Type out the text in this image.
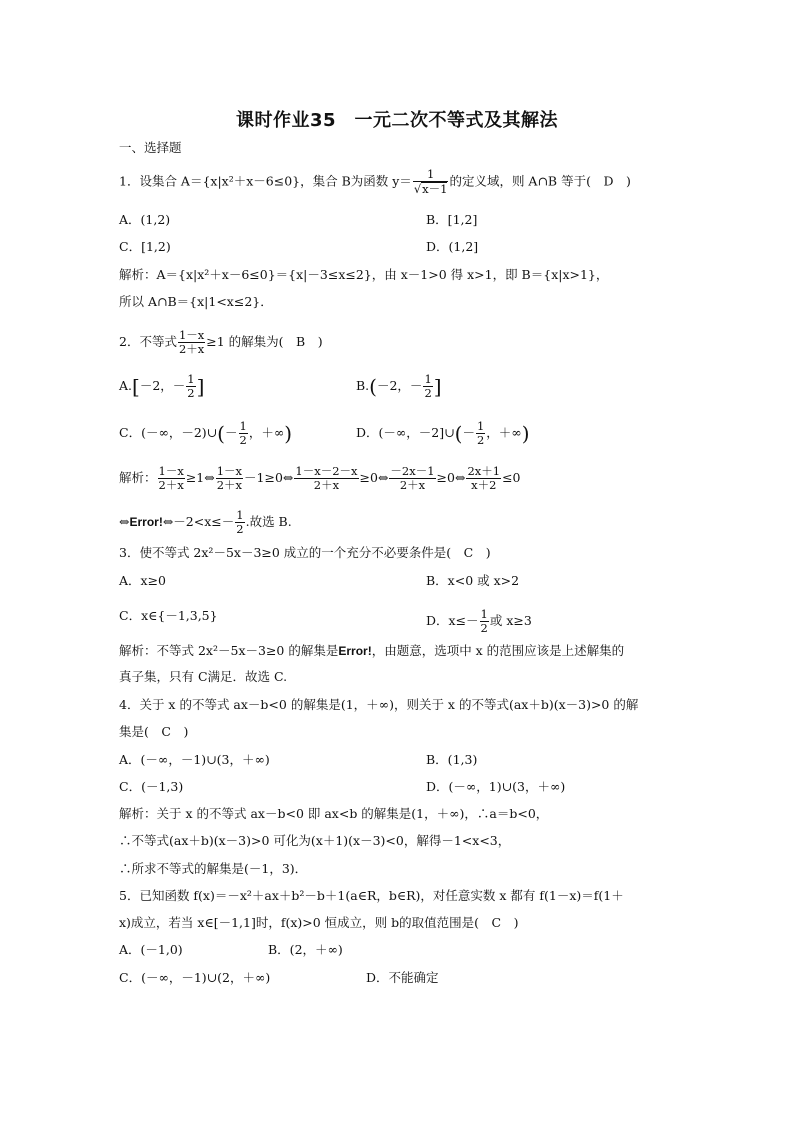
课时作业35　一元二次不等式及其解法
一、选择题
1．设集合 A＝{x|x²＋x－6≤0}，集合 B为函数 $y= \frac{1}{√x-1}$ 的定义域，则 A∩B 等于(　D　)
A．(1,2)	B．[1,2]
C．[1,2)	D．(1,2]
解析：A＝{x|x²＋x－6≤0}＝{x|－3≤x≤2}，由 x－1>0 得 x>1，即 B＝{x|x>1}，
所以 A∩B＝{x|1<x≤2}．
2．不等式 $\frac{1-x}{2+x} \ge 1$ 的解集为(　B　)
A.[－2，－ $\frac{1}{2}$ ]	B.(－2，－ $\frac{1}{2}$ ]
C．(－∞，－2)∪(－ $\frac{1}{2}$ ，＋∞)	D．(－∞，－2]∪(－ $\frac{1}{2}$ ，＋∞)
解析： $\frac{1-x}{2+x}$ ≥1⇔ $\frac{1-x}{2+x}$ －1≥0⇔ $\frac{1-x-2-x}{2+x}$ ≥0⇔ $\frac{-2x-1}{2+x}$ ≥0⇔ $\frac{2x+1}{x+2} \le 0$
⇔Error!⇔－2<x≤－ $\frac{1}{2}$ .故选 B.
3．使不等式 2x²－5x－3≥0 成立的一个充分不必要条件是(　C　)
A．x≥0	B．x<0 或 x>2
C．x∈{－1,3,5}	D．$x\le- \frac{1}{2}$ 或 x≥3
解析：不等式 2x²－5x－3≥0 的解集是Error!，由题意，选项中 x 的范围应该是上述解集的
真子集，只有 C满足．故选 C.
4．关于 x 的不等式 ax－b<0 的解集是(1，＋∞)，则关于 x 的不等式(ax＋b)(x－3)>0 的解
集是(　C　)
A．(－∞，－1)∪(3，＋∞)	B．(1,3)
C．(－1,3)	D．(－∞，1)∪(3，＋∞)
解析：关于 x 的不等式 ax－b<0 即 ax<b 的解集是(1，＋∞)，∴a＝b<0，
∴不等式(ax＋b)(x－3)>0 可化为(x＋1)(x－3)<0，解得－1<x<3，
∴所求不等式的解集是(－1，3)．
5．已知函数 f(x)＝－x²＋ax＋b²－b＋1(a∈R，b∈R)，对任意实数 x 都有 f(1－x)＝f(1＋
x)成立，若当 x∈[－1,1]时，f(x)>0 恒成立，则 b的取值范围是(　C　)
A．(－1,0)	B．(2，＋∞)
C．(－∞，－1)∪(2，＋∞)	D．不能确定
